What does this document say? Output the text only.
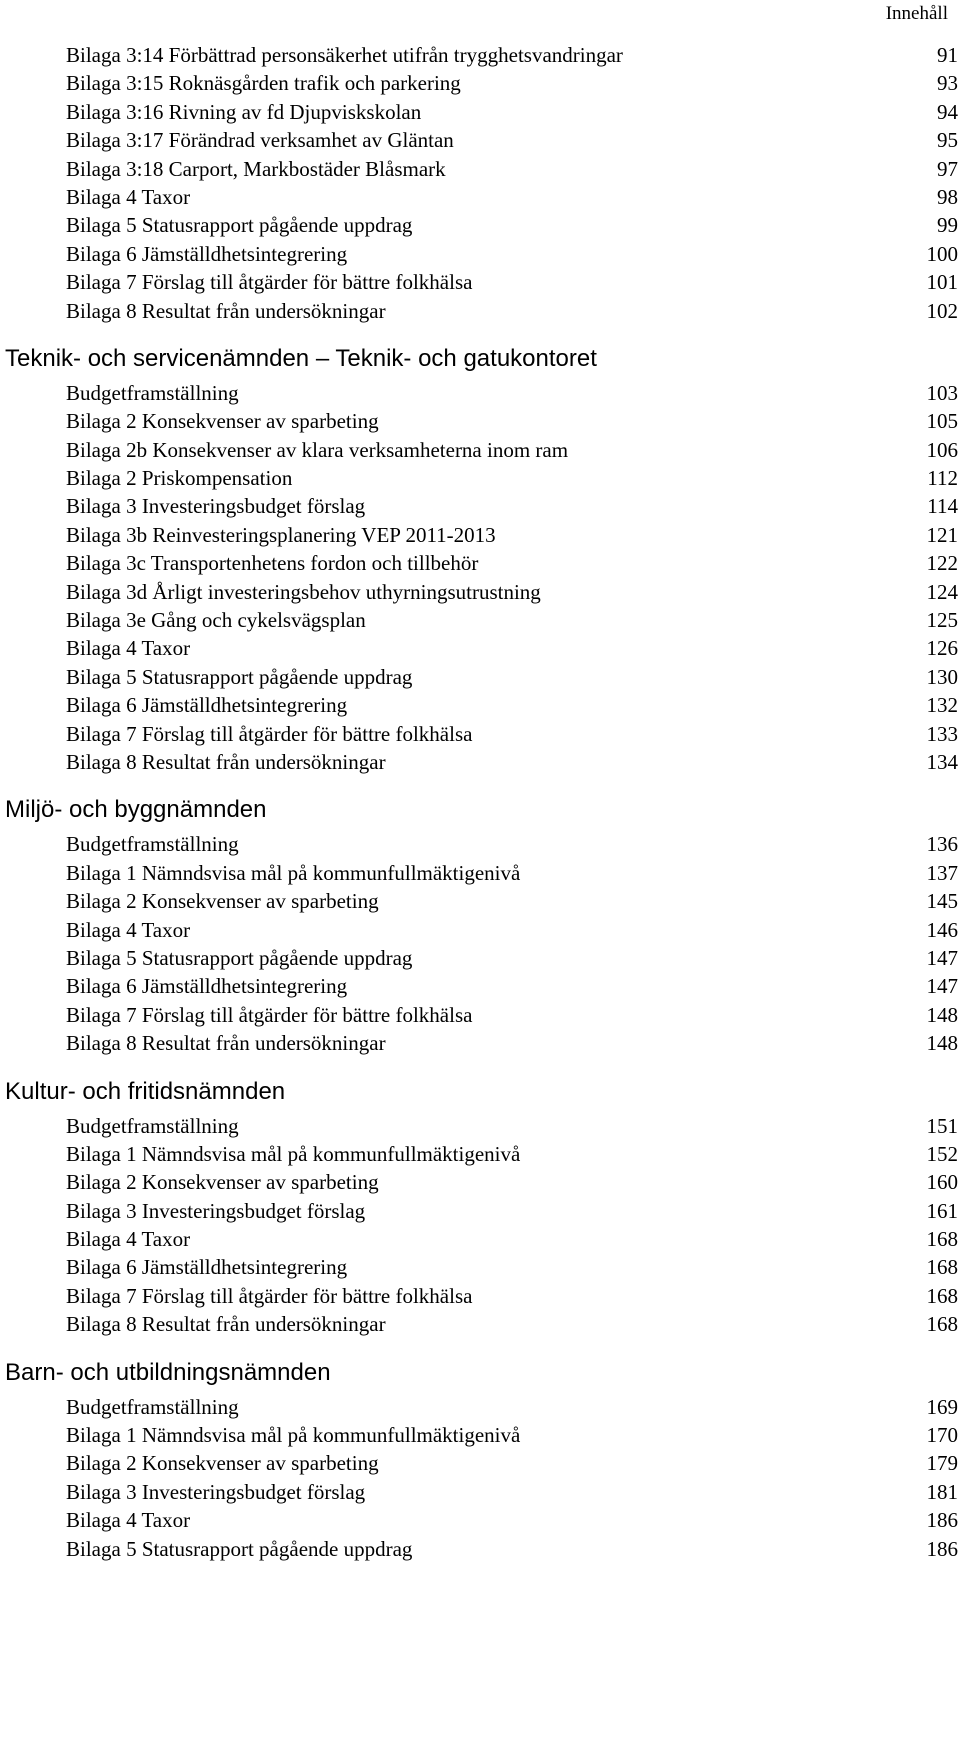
Innehåll
Bilaga 3:14 Förbättrad personsäkerhet utifrån trygghetsvandringar	91
Bilaga 3:15 Roknäsgården trafik och parkering	93
Bilaga 3:16 Rivning av fd Djupviskskolan	94
Bilaga 3:17 Förändrad verksamhet av Gläntan	95
Bilaga 3:18 Carport, Markbostäder Blåsmark	97
Bilaga 4 Taxor	98
Bilaga 5 Statusrapport pågående uppdrag	99
Bilaga 6 Jämställdhetsintegrering	100
Bilaga 7 Förslag till åtgärder för bättre folkhälsa	101
Bilaga 8 Resultat från undersökningar	102
Teknik- och servicenämnden – Teknik- och gatukontoret
Budgetframställning	103
Bilaga 2 Konsekvenser av sparbeting	105
Bilaga 2b Konsekvenser av klara verksamheterna inom ram	106
Bilaga 2 Priskompensation	112
Bilaga 3 Investeringsbudget förslag	114
Bilaga 3b Reinvesteringsplanering VEP 2011-2013	121
Bilaga 3c Transportenhetens fordon och tillbehör	122
Bilaga 3d Årligt investeringsbehov uthyrningsutrustning	124
Bilaga 3e Gång och cykelsvägsplan	125
Bilaga 4 Taxor	126
Bilaga 5 Statusrapport pågående uppdrag	130
Bilaga 6 Jämställdhetsintegrering	132
Bilaga 7 Förslag till åtgärder för bättre folkhälsa	133
Bilaga 8 Resultat från undersökningar	134
Miljö- och byggnämnden
Budgetframställning	136
Bilaga 1 Nämndsvisa mål på kommunfullmäktigenivå	137
Bilaga 2 Konsekvenser av sparbeting	145
Bilaga 4 Taxor	146
Bilaga 5 Statusrapport pågående uppdrag	147
Bilaga 6 Jämställdhetsintegrering	147
Bilaga 7 Förslag till åtgärder för bättre folkhälsa	148
Bilaga 8 Resultat från undersökningar	148
Kultur- och fritidsnämnden
Budgetframställning	151
Bilaga 1 Nämndsvisa mål på kommunfullmäktigenivå	152
Bilaga 2 Konsekvenser av sparbeting	160
Bilaga 3 Investeringsbudget förslag	161
Bilaga 4 Taxor	168
Bilaga 6 Jämställdhetsintegrering	168
Bilaga 7 Förslag till åtgärder för bättre folkhälsa	168
Bilaga 8 Resultat från undersökningar	168
Barn- och utbildningsnämnden
Budgetframställning	169
Bilaga 1 Nämndsvisa mål på kommunfullmäktigenivå	170
Bilaga 2 Konsekvenser av sparbeting	179
Bilaga 3 Investeringsbudget förslag	181
Bilaga 4 Taxor	186
Bilaga 5 Statusrapport pågående uppdrag	186
